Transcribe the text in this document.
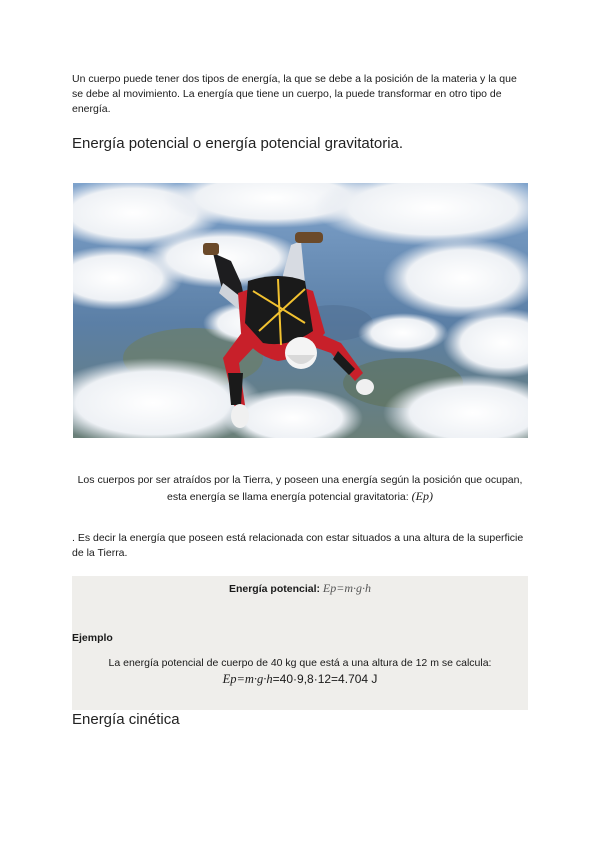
Un cuerpo puede tener dos tipos de energía, la que se debe a la posición de la materia y la que se debe al movimiento. La energía que tiene un cuerpo, la puede transformar en otro tipo de energía.

Energía potencial o energía potencial gravitatoria.

Los cuerpos por ser atraídos por la Tierra, y poseen una energía según la posición que ocupan, esta energía se llama energía potencial gravitatoria: (Ep)

. Es decir la energía que poseen está relacionada con estar situados a una altura de la superficie de la Tierra.

Energía potencial: Ep=m·g·h
Ejemplo
La energía potencial de cuerpo de 40 kg que está a una altura de 12 m se calcula:
Ep=m·g·h=40·9,8·12=4.704 J
Energía cinética
